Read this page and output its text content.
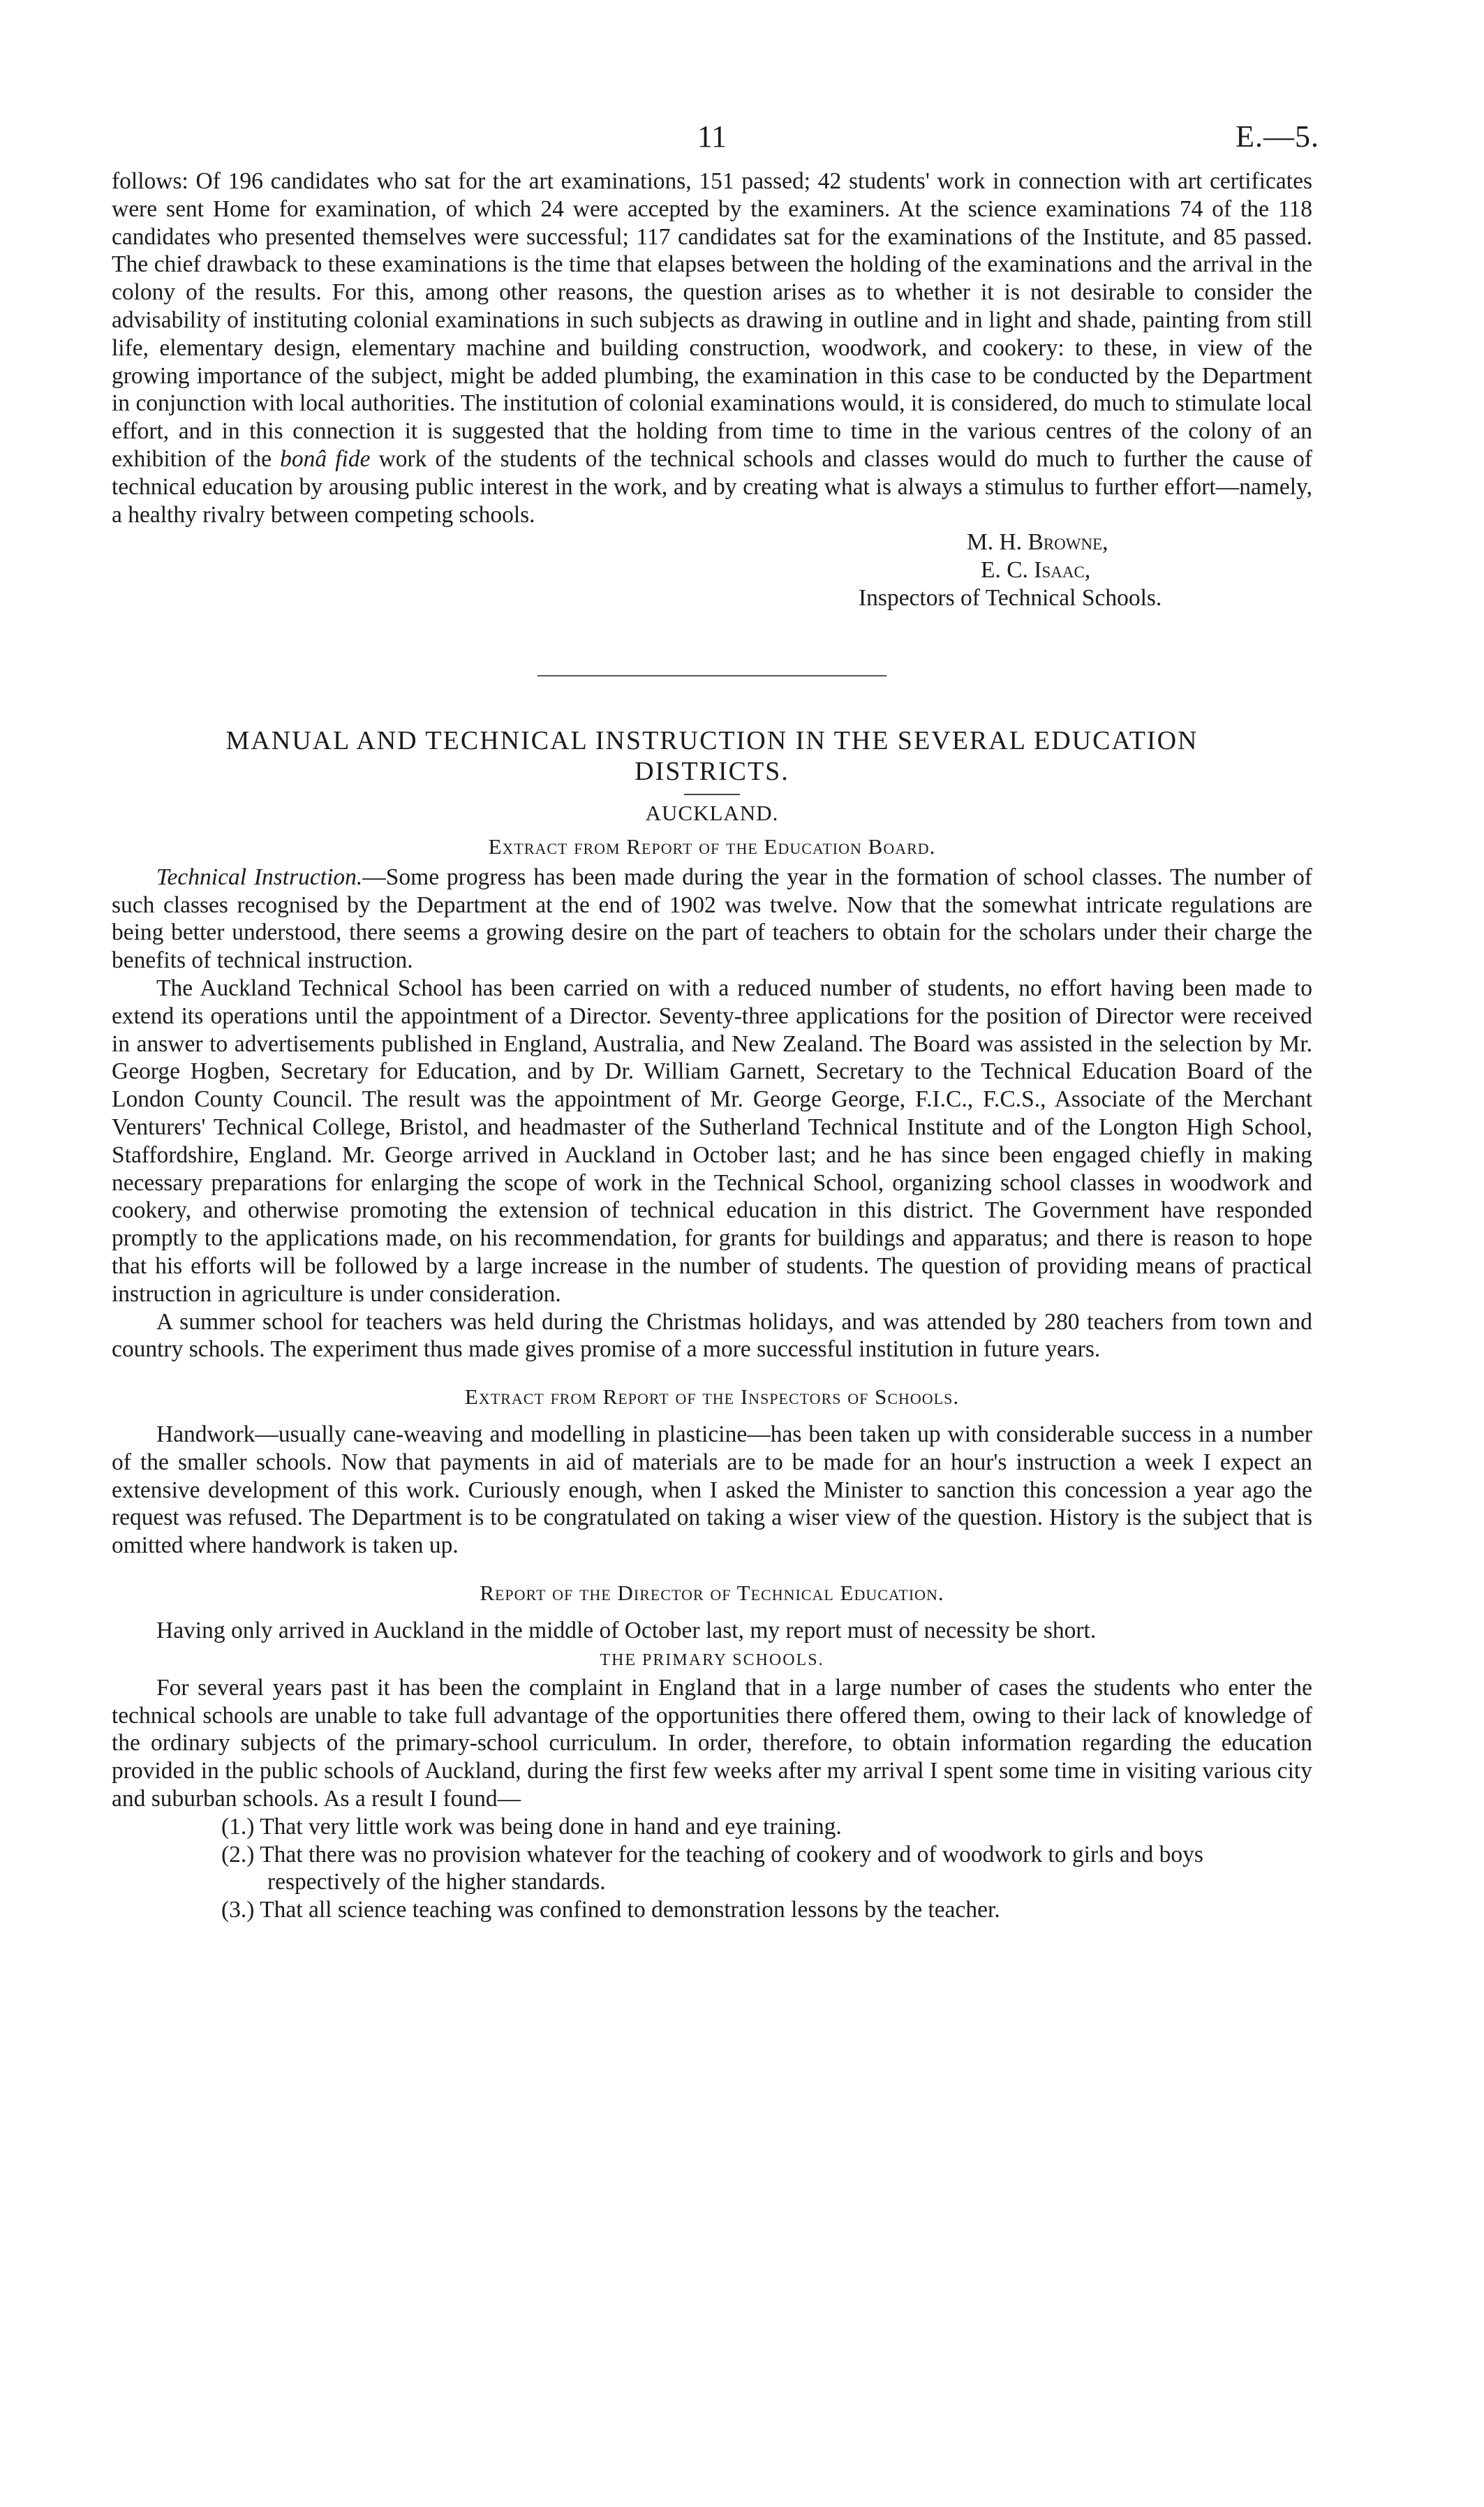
11	E.—5.

follows: Of 196 candidates who sat for the art examinations, 151 passed; 42 students' work in connection with art certificates were sent Home for examination, of which 24 were accepted by the examiners. At the science examinations 74 of the 118 candidates who presented themselves were successful; 117 candidates sat for the examinations of the Institute, and 85 passed. The chief drawback to these examinations is the time that elapses between the holding of the examinations and the arrival in the colony of the results. For this, among other reasons, the question arises as to whether it is not desirable to consider the advisability of instituting colonial examinations in such subjects as drawing in outline and in light and shade, painting from still life, elementary design, elementary machine and building construction, woodwork, and cookery: to these, in view of the growing importance of the subject, might be added plumbing, the examination in this case to be conducted by the Department in conjunction with local authorities. The institution of colonial examinations would, it is considered, do much to stimulate local effort, and in this connection it is suggested that the holding from time to time in the various centres of the colony of an exhibition of the bonâ fide work of the students of the technical schools and classes would do much to further the cause of technical education by arousing public interest in the work, and by creating what is always a stimulus to further effort—namely, a healthy rivalry between competing schools.

M. H. Browne,
E. C. Isaac,
Inspectors of Technical Schools.
MANUAL AND TECHNICAL INSTRUCTION IN THE SEVERAL EDUCATION
DISTRICTS.
AUCKLAND.
Extract from Report of the Education Board.

Technical Instruction.—Some progress has been made during the year in the formation of school classes. The number of such classes recognised by the Department at the end of 1902 was twelve. Now that the somewhat intricate regulations are being better understood, there seems a growing desire on the part of teachers to obtain for the scholars under their charge the benefits of technical instruction.

The Auckland Technical School has been carried on with a reduced number of students, no effort having been made to extend its operations until the appointment of a Director. Seventy-three applications for the position of Director were received in answer to advertisements published in England, Australia, and New Zealand. The Board was assisted in the selection by Mr. George Hogben, Secretary for Education, and by Dr. William Garnett, Secretary to the Technical Education Board of the London County Council. The result was the appointment of Mr. George George, F.I.C., F.C.S., Associate of the Merchant Venturers' Technical College, Bristol, and headmaster of the Sutherland Technical Institute and of the Longton High School, Staffordshire, England. Mr. George arrived in Auckland in October last; and he has since been engaged chiefly in making necessary preparations for enlarging the scope of work in the Technical School, organizing school classes in woodwork and cookery, and otherwise promoting the extension of technical education in this district. The Government have responded promptly to the applications made, on his recommendation, for grants for buildings and apparatus; and there is reason to hope that his efforts will be followed by a large increase in the number of students. The question of providing means of practical instruction in agriculture is under consideration.

A summer school for teachers was held during the Christmas holidays, and was attended by 280 teachers from town and country schools. The experiment thus made gives promise of a more successful institution in future years.

Extract from Report of the Inspectors of Schools.

Handwork—usually cane-weaving and modelling in plasticine—has been taken up with considerable success in a number of the smaller schools. Now that payments in aid of materials are to be made for an hour's instruction a week I expect an extensive development of this work. Curiously enough, when I asked the Minister to sanction this concession a year ago the request was refused. The Department is to be congratulated on taking a wiser view of the question. History is the subject that is omitted where handwork is taken up.

Report of the Director of Technical Education.

Having only arrived in Auckland in the middle of October last, my report must of necessity be short.

THE PRIMARY SCHOOLS.

For several years past it has been the complaint in England that in a large number of cases the students who enter the technical schools are unable to take full advantage of the opportunities there offered them, owing to their lack of knowledge of the ordinary subjects of the primary-school curriculum. In order, therefore, to obtain information regarding the education provided in the public schools of Auckland, during the first few weeks after my arrival I spent some time in visiting various city and suburban schools. As a result I found—

(1.) That very little work was being done in hand and eye training.
(2.) That there was no provision whatever for the teaching of cookery and of woodwork to girls and boys respectively of the higher standards.
(3.) That all science teaching was confined to demonstration lessons by the teacher.
